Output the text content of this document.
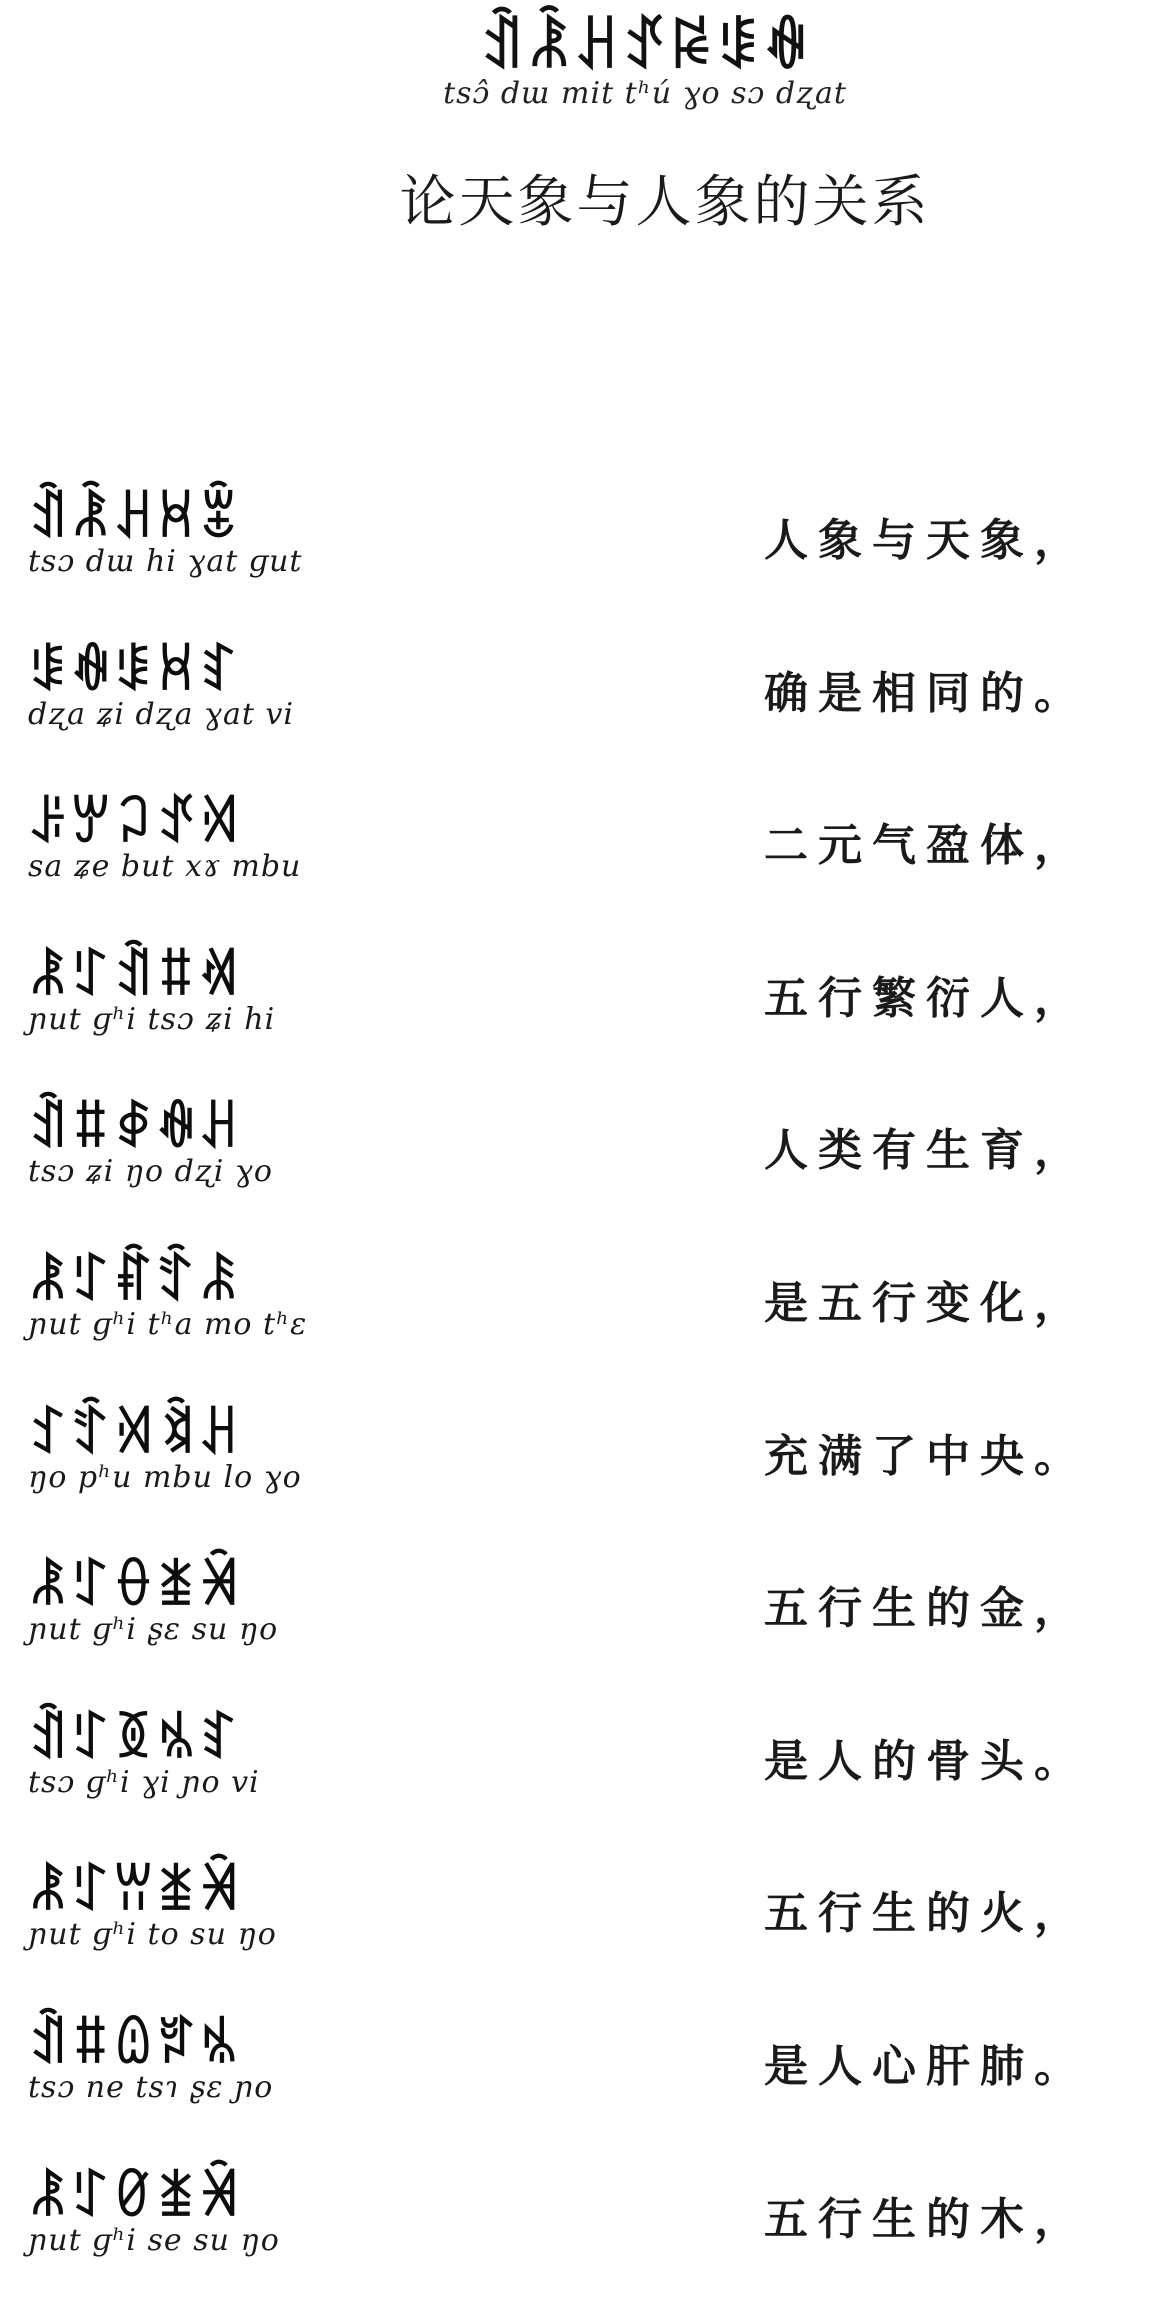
ꀉꂾꃅꀋꀙꌐꊿ
tsɔ̂ dɯ mit tʰú ɣo sɔ dʐat
论天象与人象的关系
ꀉꂾꃅꃬꂂ
tsɔ dɯ hi ɣat ɡut	人象与天象，
ꌐꊿꌐꃬꆏ
dʐa ʑi dʐa ɣat vi	确是相同的。
ꌠꏮꃀꀋꄉ
sa ʑe but xɤ mbu	二元气盈体，
ꂿꇰꀉꐚꄊ
ɲut ɡʰi tsɔ ʑi hi	五行繁衍人，
ꀉꐚꇉꊿꃅ
tsɔ ʑi ŋo dʐi ɣo	人类有生育，
ꂿꇰꐤꄷꄯ
ɲut ɡʰi tʰa mo tʰɛ	是五行变化，
ꉘꄷꄉꃕꃅ
ŋo pʰu mbu lo ɣo	充满了中央。
ꂿꇰꂷꁧꈀ
ɲut ɡʰi ʂɛ su ŋo	五行生的金，
ꀉꇰꅉꁱꆏ
tsɔ ɡʰi ɣi ɲo vi	是人的骨头。
ꂿꇰꀕꁧꈀ
ɲut ɡʰi to su ŋo	五行生的火，
ꀉꐚꅔꆍꁱ
tsɔ ne tsɿ ʂɛ ɲo	是人心肝肺。
ꂿꇰꀜꁧꈀ
ɲut ɡʰi se su ŋo	五行生的木，
